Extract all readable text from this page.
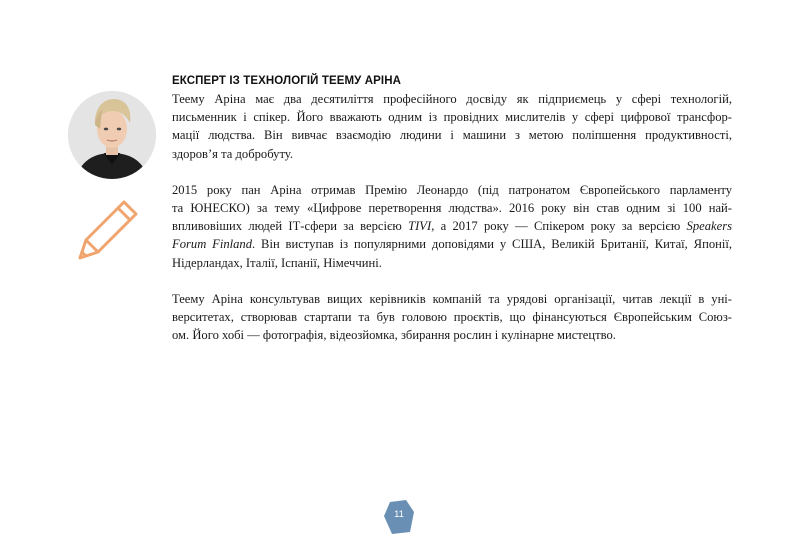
ЕКСПЕРТ ІЗ ТЕХНОЛОГІЙ ТЕЕМУ АРІНА

Теему Аріна має два десятиліття професійного досвіду як підприємець у сфері технологій,
письменник і спікер. Його вважають одним із провідних мислителів у сфері цифрової трансфор-
мації людства. Він вивчає взаємодію людини і машини з метою поліпшення продуктивності,
здоров’я та добробуту.

2015 року пан Аріна отримав Премію Леонардо (під патронатом Європейського парламенту
та ЮНЕСКО) за тему «Цифрове перетворення людства». 2016 року він став одним зі 100 най-
впливовіших людей ІТ-сфери за версією TIVI, а 2017 року — Спікером року за версією Speakers
Forum Finland. Він виступав із популярними доповідями у США, Великій Британії, Китаї, Японії,
Нідерландах, Італії, Іспанії, Німеччині.

Теему Аріна консультував вищих керівників компаній та урядові організації, читав лекції в уні-
верситетах, створював стартапи та був головою проєктів, що фінансуються Європейським Союз-
ом. Його хобі — фотографія, відеозйомка, збирання рослин і кулінарне мистецтво.

11
